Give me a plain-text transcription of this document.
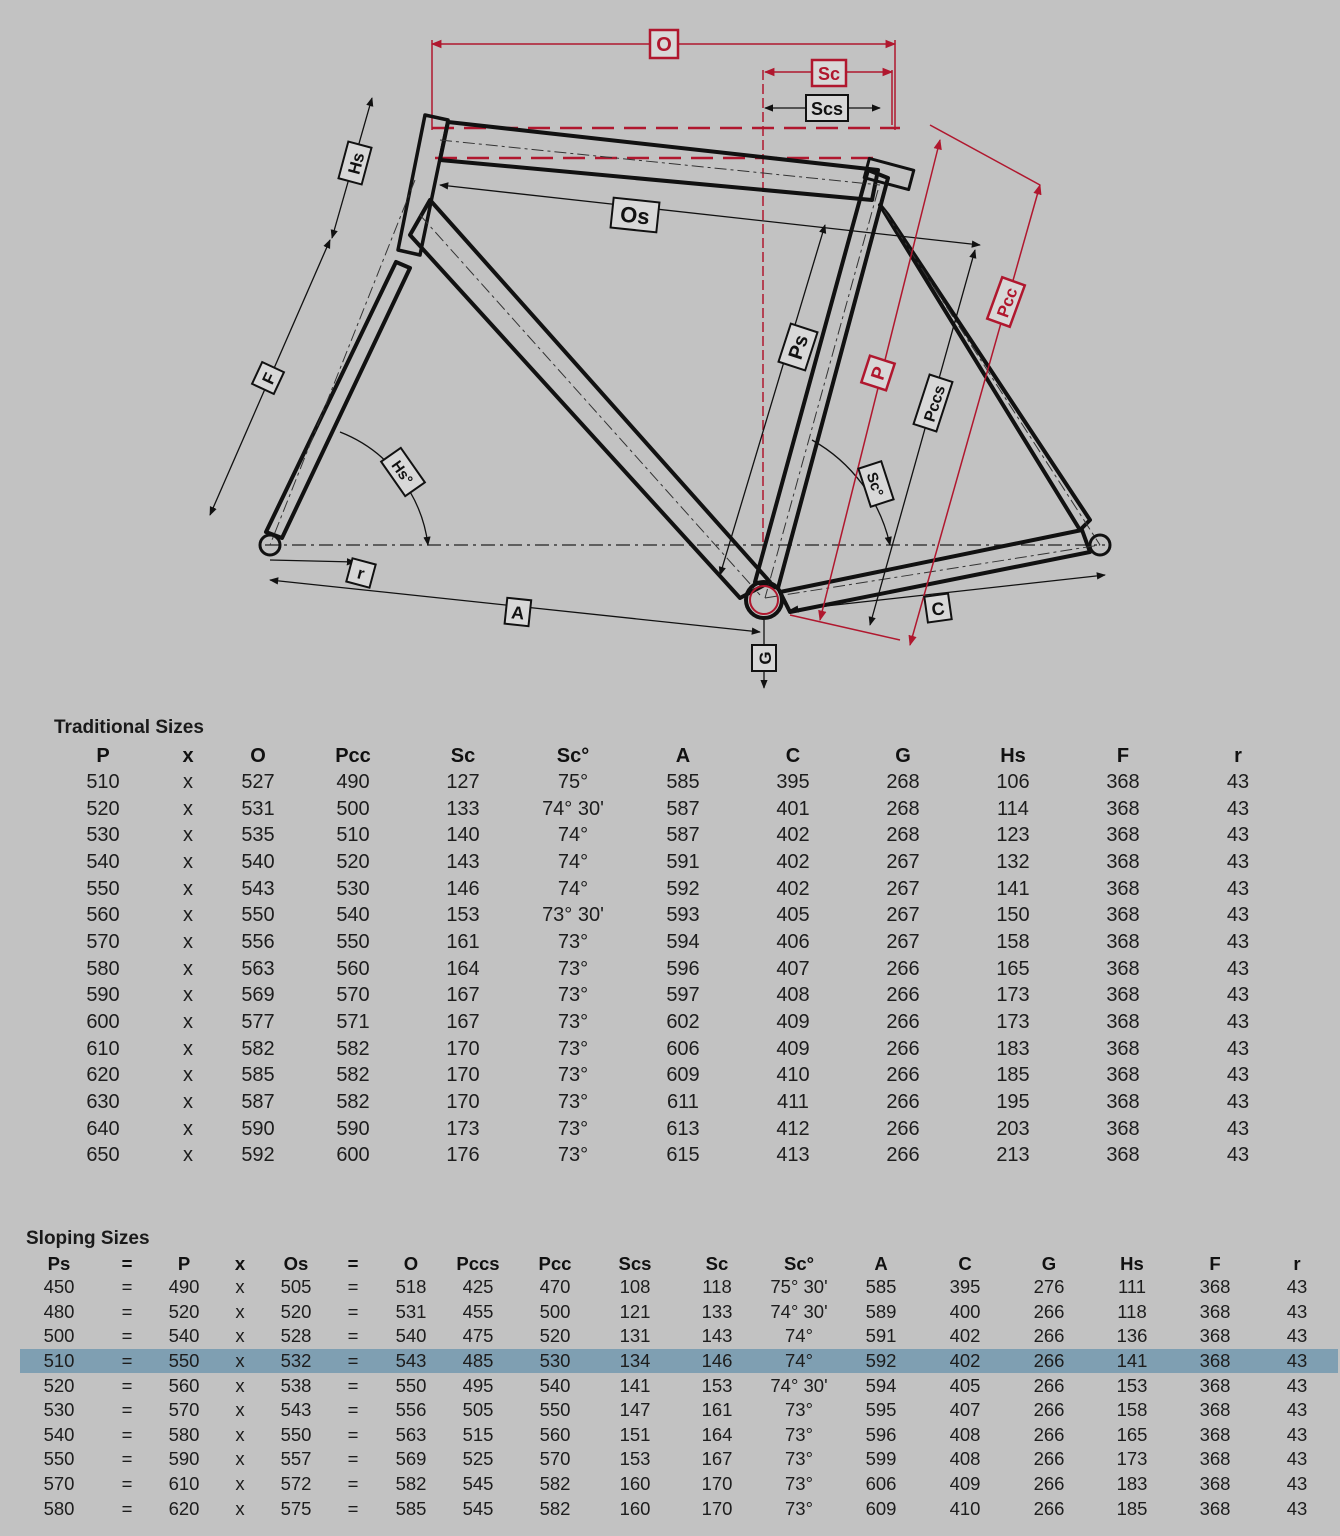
O
Sc
Scs
Hs
Os
Pcc
Ps
P
Pccs
F
Hs°	Sc°
r
A	C
G
Traditional Sizes
P	x	O	Pcc	Sc	Sc°	A	C	G	Hs	F	r
510	x	527	490	127	75°	585	395	268	106	368	43
520	x	531	500	133	74° 30'	587	401	268	114	368	43
530	x	535	510	140	74°	587	402	268	123	368	43
540	x	540	520	143	74°	591	402	267	132	368	43
550	x	543	530	146	74°	592	402	267	141	368	43
560	x	550	540	153	73° 30'	593	405	267	150	368	43
570	x	556	550	161	73°	594	406	267	158	368	43
580	x	563	560	164	73°	596	407	266	165	368	43
590	x	569	570	167	73°	597	408	266	173	368	43
600	x	577	571	167	73°	602	409	266	173	368	43
610	x	582	582	170	73°	606	409	266	183	368	43
620	x	585	582	170	73°	609	410	266	185	368	43
630	x	587	582	170	73°	611	411	266	195	368	43
640	x	590	590	173	73°	613	412	266	203	368	43
650	x	592	600	176	73°	615	413	266	213	368	43
Sloping Sizes
Ps	=	P	x	Os	=	O	Pccs	Pcc	Scs	Sc	Sc°	A	C	G	Hs	F	r
450	=	490	x	505	=	518	425	470	108	118	75° 30'	585	395	276	111	368	43
480	=	520	x	520	=	531	455	500	121	133	74° 30'	589	400	266	118	368	43
500	=	540	x	528	=	540	475	520	131	143	74°	591	402	266	136	368	43
510	=	550	x	532	=	543	485	530	134	146	74°	592	402	266	141	368	43
520	=	560	x	538	=	550	495	540	141	153	74° 30'	594	405	266	153	368	43
530	=	570	x	543	=	556	505	550	147	161	73°	595	407	266	158	368	43
540	=	580	x	550	=	563	515	560	151	164	73°	596	408	266	165	368	43
550	=	590	x	557	=	569	525	570	153	167	73°	599	408	266	173	368	43
570	=	610	x	572	=	582	545	582	160	170	73°	606	409	266	183	368	43
580	=	620	x	575	=	585	545	582	160	170	73°	609	410	266	185	368	43
